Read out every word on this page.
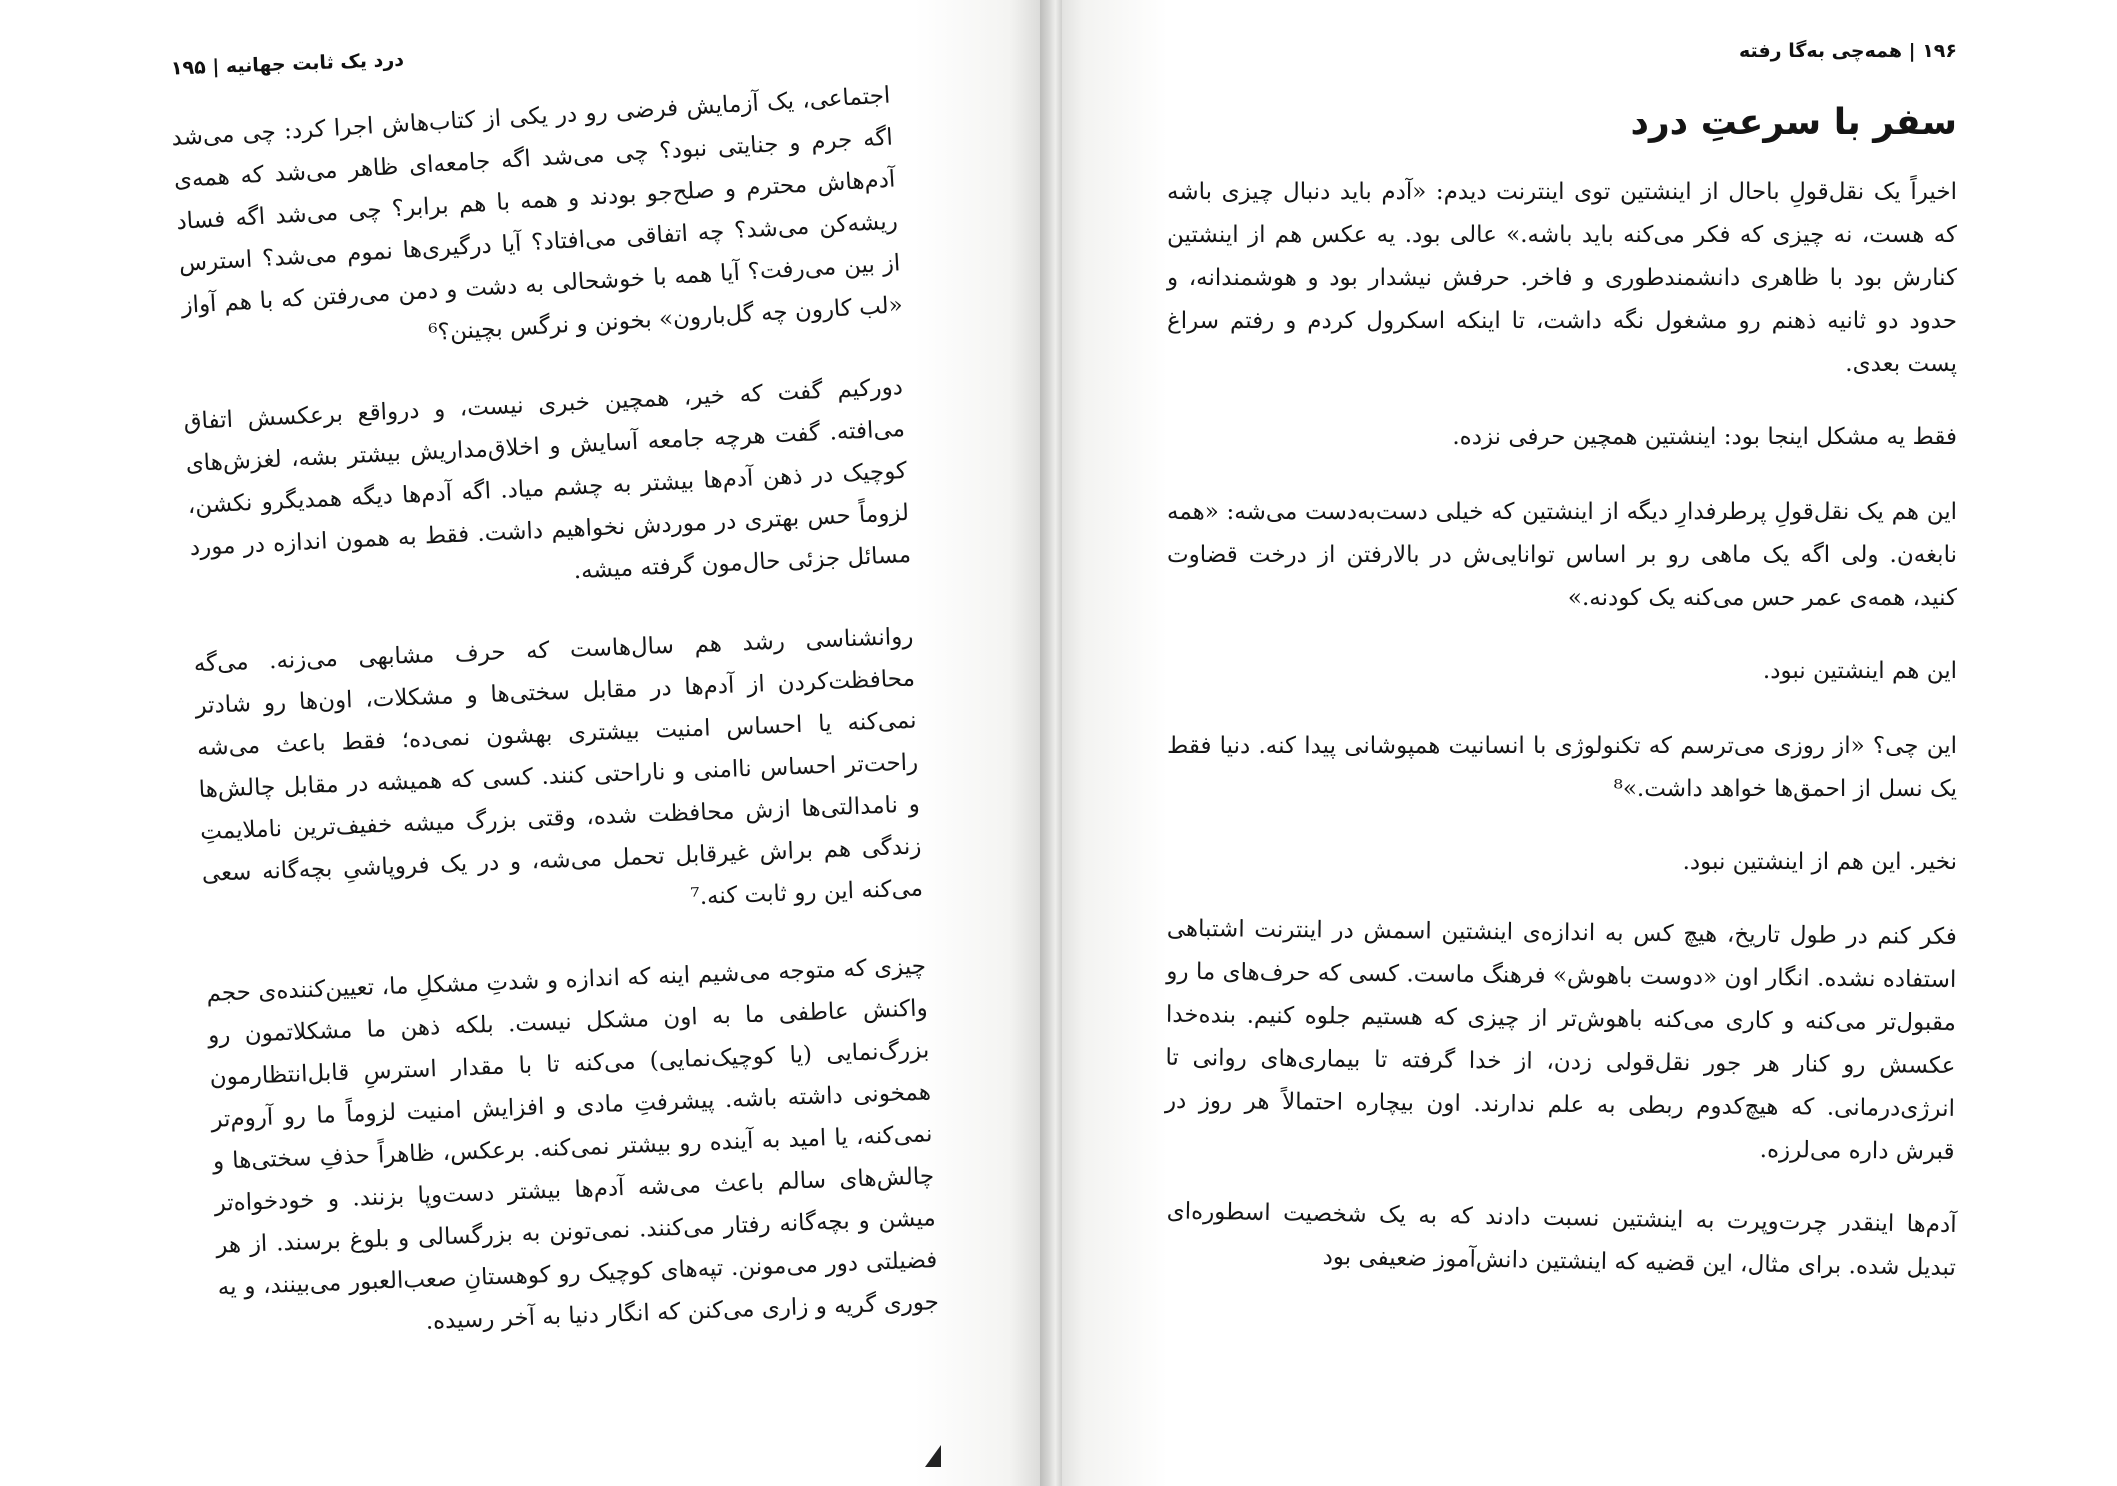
درد یک ثابت جهانیه | ۱۹۵

اجتماعی، یک آزمایش فرضی رو در یکی از کتاب‌هاش اجرا کرد: چی می‌شد اگه جرم و جنایتی نبود؟ چی می‌شد اگه جامعه‌ای ظاهر می‌شد که همه‌ی آدم‌هاش محترم و صلح‌جو بودند و همه با هم برابر؟ چی می‌شد اگه فساد ریشه‌کن می‌شد؟ چه اتفاقی می‌افتاد؟ آیا درگیری‌ها نموم می‌شد؟ استرس از بین می‌رفت؟ آیا همه با خوشحالی به دشت و دمن می‌رفتن که با هم آواز «لب کارون چه گل‌بارون» بخونن و نرگس بچینن؟⁶

دورکیم گفت که خیر، همچین خبری نیست، و درواقع برعکسش اتفاق می‌افته. گفت هرچه جامعه آسایش و اخلاق‌مداریش بیشتر بشه، لغزش‌های کوچیک در ذهن آدم‌ها بیشتر به چشم میاد. اگه آدم‌ها دیگه همدیگرو نکشن، لزوماً حس بهتری در موردش نخواهیم داشت. فقط به همون اندازه در مورد مسائل جزئی حال‌مون گرفته میشه.

روانشناسی رشد هم سال‌هاست که حرف مشابهی می‌زنه. می‌گه محافظت‌کردن از آدم‌ها در مقابل سختی‌ها و مشکلات، اون‌ها رو شادتر نمی‌کنه یا احساس امنیت بیشتری بهشون نمی‌ده؛ فقط باعث می‌شه راحت‌تر احساس ناامنی و ناراحتی کنند. کسی که همیشه در مقابل چالش‌ها و نامدالتی‌ها ازش محافظت شده، وقتی بزرگ میشه خفیف‌ترین ناملایمتِ زندگی هم براش غیرقابل تحمل می‌شه، و در یک فروپاشیِ بچه‌گانه سعی می‌کنه این رو ثابت کنه.⁷

چیزی که متوجه می‌شیم اینه که اندازه و شدتِ مشکلِ ما، تعیین‌کننده‌ی حجم واکنش عاطفی ما به اون مشکل نیست. بلکه ذهن ما مشکلاتمون رو بزرگ‌نمایی (یا کوچیک‌نمایی) می‌کنه تا با مقدار استرسِ قابل‌انتظارمون همخونی داشته باشه. پیشرفتِ مادی و افزایش امنیت لزوماً ما رو آروم‌تر نمی‌کنه، یا امید به آینده رو بیشتر نمی‌کنه. برعکس، ظاهراً حذفِ سختی‌ها و چالش‌های سالم باعث می‌شه آدم‌ها بیشتر دست‌وپا بزنند. و خودخواه‌تر میشن و بچه‌گانه رفتار می‌کنند. نمی‌تونن به بزرگسالی و بلوغ برسند. از هر فضیلتی دور می‌مونن. تپه‌های کوچیک رو کوهستانِ صعب‌العبور می‌بینند، و یه جوری گریه و زاری می‌کنن که انگار دنیا به آخر رسیده.

۱۹۶ | همه‌چی به‌گا رفته
سفر با سرعتِ درد

اخیراً یک نقل‌قولِ باحال از اینشتین توی اینترنت دیدم: «آدم باید دنبال چیزی باشه که هست، نه چیزی که فکر می‌کنه باید باشه.» عالی بود. یه عکس هم از اینشتین کنارش بود با ظاهری دانشمندطوری و فاخر. حرفش نیشدار بود و هوشمندانه، و حدود دو ثانیه ذهنم رو مشغول نگه داشت، تا اینکه اسکرول کردم و رفتم سراغ پست بعدی.

فقط یه مشکل اینجا بود: اینشتین همچین حرفی نزده.

این هم یک نقل‌قولِ پرطرفدارِ دیگه از اینشتین که خیلی دست‌به‌دست می‌شه: «همه نابغه‌ن. ولی اگه یک ماهی رو بر اساس توانایی‌ش در بالارفتن از درخت قضاوت کنید، همه‌ی عمر حس می‌کنه یک کودنه.»

این هم اینشتین نبود.

این چی؟ «از روزی می‌ترسم که تکنولوژی با انسانیت همپوشانی پیدا کنه. دنیا فقط یک نسل از احمق‌ها خواهد داشت.»⁸

نخیر. این هم از اینشتین نبود.

فکر کنم در طول تاریخ، هیچ کس به اندازه‌ی اینشتین اسمش در اینترنت اشتباهی استفاده نشده. انگار اون «دوست باهوش» فرهنگ ماست. کسی که حرف‌های ما رو مقبول‌تر می‌کنه و کاری می‌کنه باهوش‌تر از چیزی که هستیم جلوه کنیم. بنده‌خدا عکسش رو کنار هر جور نقل‌قولی زدن، از خدا گرفته تا بیماری‌های روانی تا انرژی‌درمانی. که هیچ‌کدوم ربطی به علم ندارند. اون بیچاره احتمالاً هر روز در قبرش داره می‌لرزه.

آدم‌ها اینقدر چرت‌وپرت به اینشتین نسبت دادند که به یک شخصیت اسطوره‌ای تبدیل شده. برای مثال، این قضیه که اینشتین دانش‌آموز ضعیفی بود
